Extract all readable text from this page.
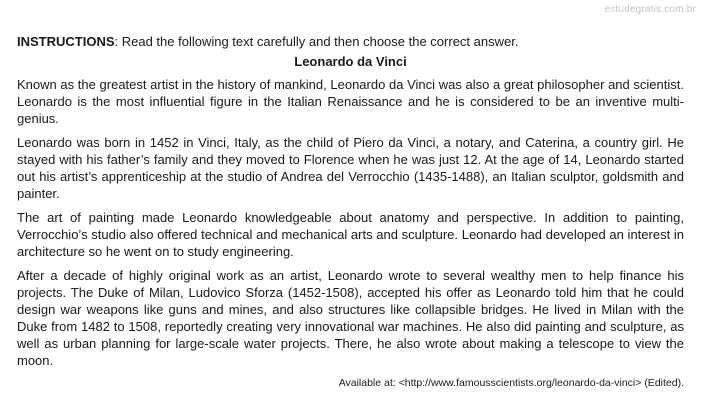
estudegratis.com.br

INSTRUCTIONS: Read the following text carefully and then choose the correct answer.

Leonardo da Vinci

Known as the greatest artist in the history of mankind, Leonardo da Vinci was also a great philosopher and scientist. Leonardo is the most influential figure in the Italian Renaissance and he is considered to be an inventive multi-genius.

Leonardo was born in 1452 in Vinci, Italy, as the child of Piero da Vinci, a notary, and Caterina, a country girl. He stayed with his father’s family and they moved to Florence when he was just 12. At the age of 14, Leonardo started out his artist’s apprenticeship at the studio of Andrea del Verrocchio (1435-1488), an Italian sculptor, goldsmith and painter.

The art of painting made Leonardo knowledgeable about anatomy and perspective. In addition to painting, Verrocchio’s studio also offered technical and mechanical arts and sculpture. Leonardo had developed an interest in architecture so he went on to study engineering.

After a decade of highly original work as an artist, Leonardo wrote to several wealthy men to help finance his projects. The Duke of Milan, Ludovico Sforza (1452-1508), accepted his offer as Leonardo told him that he could design war weapons like guns and mines, and also structures like collapsible bridges. He lived in Milan with the Duke from 1482 to 1508, reportedly creating very innovational war machines. He also did painting and sculpture, as well as urban planning for large-scale water projects. There, he also wrote about making a telescope to view the moon.

Available at: <http://www.famousscientists.org/leonardo-da-vinci> (Edited).
